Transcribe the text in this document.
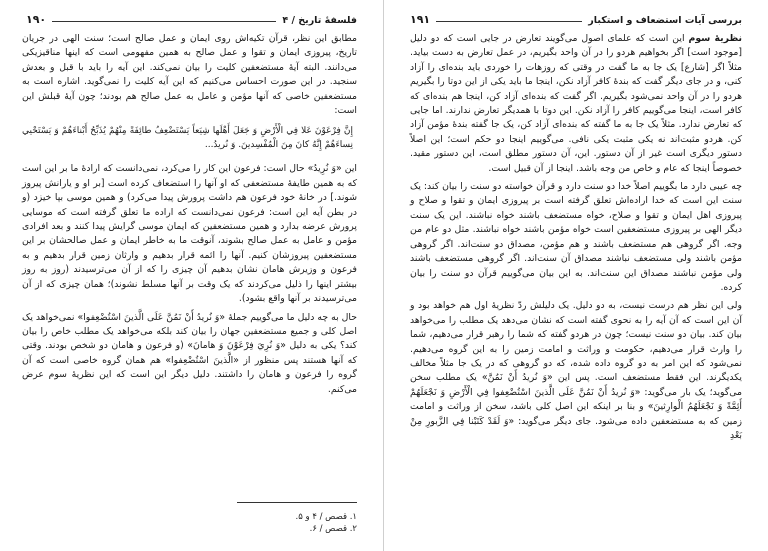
فلسفهٔ تاریخ / ۴
۱۹۰

مطابق این نظر، قرآن تکیه‌اش روی ایمان و عمل صالح است؛ سنت الهی در جریان تاریخ، پیروزی ایمان و تقوا و عمل صالح به همین مفهومی است که اینها مناقیزیکی می‌دانند. البته آیهٔ مستضعفین کلیت را بیان نمی‌کند. این آیه را باید با قبل و بعدش سنجید. در این صورت احساس می‌کنیم که این آیه کلیت را نمی‌گوید. اشاره است به مستضعفین خاصی که آنها مؤمن و عامل به عمل صالح هم بودند؛ چون آیهٔ قبلش این است:

إِنَّ فِرْعَوْنَ عَلا فِي الْأَرْضِ وَ جَعَلَ أَهْلَها شِيَعاً يَسْتَضْعِفُ طائِفَةً مِنْهُمْ يُذَبِّحُ أَبْناءَهُمْ وَ يَسْتَحْيي نِساءَهُمْ إِنَّهُ كانَ مِنَ الْمُفْسِدينَ. وَ نُريدُ...

این «وَ نُرِيدُ» حال است: فرعون این کار را می‌کرد، نمی‌دانست که ارادهٔ ما بر این است که به همین طایفهٔ مستضعفی که او آنها را استضعاف کرده است [بر او و یارانش پیروز شوند.] در خانهٔ خود فرعون هم داشت پرورش پیدا می‌کرد) و همین موسی بپا خیزد (و در بطن آیه این است: فرعون نمی‌دانست که اراده ما تعلق گرفته است که موسایی پرورش عرضه بدارد و همین مستضعفین که ایمان موسی گرایش پیدا کنند و بعد افرادی مؤمن و عامل به عمل صالح بشوند، آنوقت ما به خاطر ایمان و عمل صالحشان بر این مستضعفین پیروزشان کنیم. آنها را ائمه قرار بدهیم و وارثان زمین قرار بدهیم و به فرعون و وزیرش هامان نشان بدهیم آن چیزی را که از آن می‌ترسیدند (روز به روز بیشتر اینها را ذلیل می‌کردند که یک وقت بر آنها مسلط نشوند)؛ همان چیزی که از آن می‌ترسیدند بر آنها واقع بشود).

حال به چه دلیل ما می‌گوییم جملهٔ «وَ نُريدُ أَنْ نَمُنَّ عَلَى الَّذينَ اسْتُضْعِفوا» نمی‌خواهد یک اصل کلی و جمیع مستضعفین جهان را بیان کند بلکه می‌خواهد یک مطلب خاص را بیان کند؟ یکی به دلیل «وَ نُرِيَ فِرْعَوْنَ وَ هامانَ» (و فرعون و هامان دو شخص بودند. وقتی که آنها هستند پس منظور از «الَّذينَ اسْتُضْعِفوا» هم همان گروه خاصی است که آن گروه را فرعون و هامان را داشتند. دلیل دیگر این است که این نظریهٔ سوم عرض می‌کنم.

۱. قصص / ۴ و ۵.
۲. قصص / ۶.
بررسی آیات استضعاف و استکبار
۱۹۱

نظریهٔ سوم این است که علمای اصول می‌گویند تعارض در جایی است که دو دلیل [موجود است] اگر بخواهیم هردو را در آن واحد بگیریم، در عمل تعارض به دست بیاید. مثلاً اگر [شارع] یک جا به ما گفت در وقتی که روزهات را خوردی باید بنده‌ای را آزاد کنی، و در جای دیگر گفت که بندهٔ کافر آزاد نکن، اینجا ما باید یکی از این دوتا را بگیریم هردو را در آن واحد نمی‌شود بگیریم. اگر گفت که بنده‌ای آزاد کن، اینجا هم بنده‌ای که کافر است، اینجا می‌گوییم کافر را آزاد نکن. این دوتا با همدیگر تعارض ندارند. اما جایی که تعارض ندارد. مثلاً یک جا به ما گفته که بنده‌ای آزاد کن، یک جا گفته بندهٔ مؤمن آزاد کن. هردو مثبت‌اند نه یکی مثبت یکی نافی. می‌گوییم اینجا دو حکم است؛ این اصلاً دستور دیگری است غیر از آن دستور. این، آن دستور مطلق است، این دستور مقید. خصوصاً اینجا که عام و خاص من وجه باشد. اینجا از آن قبیل است.

چه عیبی دارد ما بگوییم اصلاً خدا دو سنت دارد و قرآن خواسته دو سنت را بیان کند: یک سنت این است که خدا اراده‌اش تعلق گرفته است بر پیروزی ایمان و تقوا و صلاح و پیروزی اهل ایمان و تقوا و صلاح، خواه مستضعف باشند خواه نباشند. این یک سنت دیگر الهی بر پیروزی مستضعفین است خواه مؤمن باشند خواه نباشند. مثل دو عام من وجه. اگر گروهی هم مستضعف باشند و هم مؤمن، مصداق دو سنت‌اند. اگر گروهی مؤمن باشند ولی مستضعف نباشند مصداق آن سنت‌اند. اگر گروهی مستضعف باشند ولی مؤمن نباشند مصداق این سنت‌اند. به این بیان می‌گوییم قرآن دو سنت را بیان کرده.

ولی این نظر هم درست نیست، به دو دلیل. یک دلیلش ردّ نظریهٔ اول هم خواهد بود و آن این است که آن آیه را به نحوی گفته است که نشان می‌دهد یک مطلب را می‌خواهد بیان کند. بیان دو سنت نیست؛ چون در هردو گفته که شما را رهبر قرار می‌دهیم، شما را وارث قرار می‌دهیم، حکومت و وراثت و امامت زمین را به این گروه می‌دهیم. نمی‌شود که این امر به دو گروه داده شده، که دو گروهی که در یک جا مثلاً مخالف یکدیگرند. این فقط مستضعف است. پس این «وَ نُريدُ أَنْ نَمُنَّ» یک مطلب سخن می‌گوید؛ یک بار می‌گوید: «وَ نُريدُ أَنْ نَمُنَّ عَلَى الَّذينَ اسْتُضْعِفوا فِي الْأَرْضِ وَ نَجْعَلَهُمْ أَئِمَّةً وَ نَجْعَلَهُمُ الْوارِثينَ» و بنا بر اینکه این اصل کلی باشد، سخن از وراثت و امامت زمین که به مستضعفین داده می‌شود. جای دیگر می‌گوید: «وَ لَقَدْ كَتَبْنا فِي الزَّبورِ مِنْ بَعْدِ
